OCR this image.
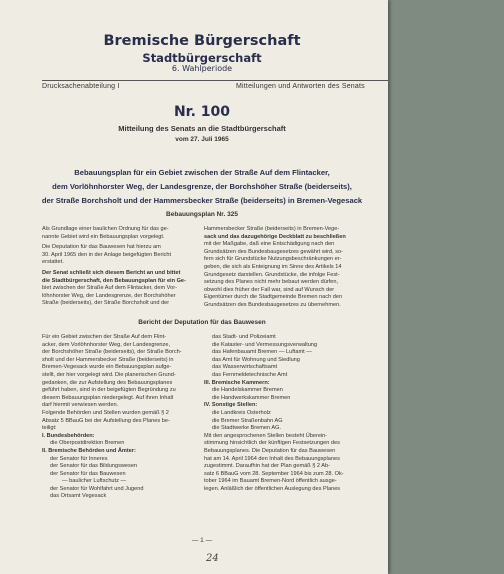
Bremische Bürgerschaft
Stadtbürgerschaft
6. Wahlperiode
Drucksachenabteilung I	Mitteilungen und Antworten des Senats
Nr. 100
Mitteilung des Senats an die Stadtbürgerschaft
vom 27. Juli 1965
Bebauungsplan für ein Gebiet zwischen der Straße Auf dem Flintacker,
dem Vorlöhnhorster Weg, der Landesgrenze, der Borchshöher Straße (beiderseits),
der Straße Borchsholt und der Hammersbecker Straße (beiderseits) in Bremen-Vegesack
Bebauungsplan Nr. 325

Als Grundlage einer baulichen Ordnung für das ge-

nannte Gebiet wird ein Bebauungsplan vorgelegt.

Die Deputation für das Bauwesen hat hierzu am

30. April 1965 den in der Anlage beigefügten Bericht

erstattet.

Der Senat schließt sich diesem Bericht an und bittet

die Stadtbürgerschaft, den Bebauungsplan für ein Ge-

biet zwischen der Straße Auf dem Flintacker, dem Vor-

löhnhorster Weg, der Landesgrenze, der Borchshöher

Straße (beiderseits), der Straße Borchsholt und der

Hammersbecker Straße (beiderseits) in Bremen-Vege-

sack und das dazugehörige Deckblatt zu beschließen

mit der Maßgabe, daß eine Entschädigung nach den

Grundsätzen des Bundesbaugesetzes gewährt wird, so-

fern sich für Grundstücke Nutzungsbeschränkungen er-

geben, die sich als Enteignung im Sinne des Artikels 14

Grundgesetz darstellen. Grundstücke, die infolge Fest-

setzung des Planes nicht mehr bebaut werden dürfen,

obwohl dies früher der Fall war, sind auf Wunsch der

Eigentümer durch die Stadtgemeinde Bremen nach den

Grundsätzen des Bundesbaugesetzes zu übernehmen.

Bericht der Deputation für das Bauwesen

Für ein Gebiet zwischen der Straße Auf dem Flint-

acker, dem Vorlöhnhorster Weg, der Landesgrenze,

der Borchshöher Straße (beiderseits), der Straße Borch-

sholt und der Hammersbecker Straße (beiderseits) in

Bremen-Vegesack wurde ein Bebauungsplan aufge-

stellt, der hier vorgelegt wird. Die planerischen Grund-

gedanken, die zur Aufstellung des Bebauungsplanes

geführt haben, sind in der beigefügten Begründung zu

diesem Bebauungsplan niedergelegt. Auf ihren Inhalt

darf hiermit verwiesen werden.

Folgende Behörden und Stellen wurden gemäß § 2

Absatz 5 BBauG bei der Aufstellung des Planes be-

teiligt:

I. Bundesbehörden:

die Oberpostdirektion Bremen

II. Bremische Behörden und Ämter:

der Senator für Inneres

der Senator für das Bildungswesen

der Senator für das Bauwesen

— baulicher Luftschutz —

der Senator für Wohlfahrt und Jugend

das Ortsamt Vegesack

das Stadt- und Polizeiamt

die Kataster- und Vermessungsverwaltung

das Hafenbauamt Bremen — Luftamt —

das Amt für Wohnung und Siedlung

das Wasserwirtschaftsamt

das Fernmeldetechnische Amt

III. Bremische Kammern:

die Handelskammer Bremen

die Handwerkskammer Bremen

IV. Sonstige Stellen:

die Landkreis Osterholz

die Bremer Straßenbahn AG

die Stadtwerke Bremen AG.

Mit den angesprochenen Stellen besteht Überein-

stimmung hinsichtlich der künftigen Festsetzungen des

Bebauungsplanes. Die Deputation für das Bauwesen

hat am 14. April 1964 den Inhalt des Bebauungsplanes

zugestimmt. Daraufhin hat der Plan gemäß § 2 Ab-

satz 6 BBauG vom 28. September 1964 bis zum 28. Ok-

tober 1964 im Bauamt Bremen-Nord öffentlich ausge-

legen. Anläßlich der öffentlichen Auslegung des Planes

— 1 —
24
